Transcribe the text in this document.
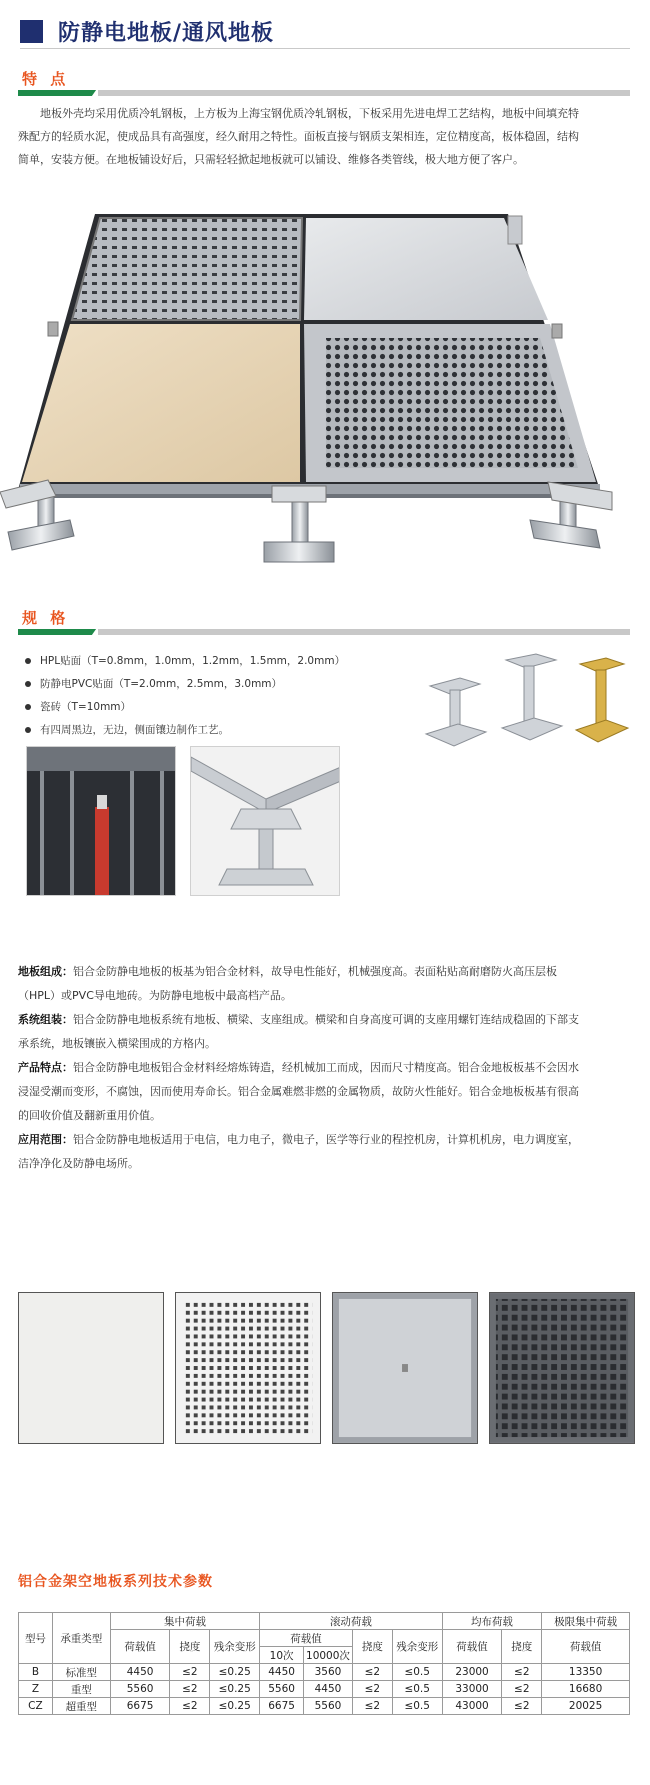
防静电地板/通风地板
特 点
地板外壳均采用优质冷轧钢板，上方板为上海宝钢优质冷轧钢板，下板采用先进电焊工艺结构，地板中间填充特

殊配方的轻质水泥，使成品具有高强度，经久耐用之特性。面板直接与钢质支架相连，定位精度高，板体稳固，结构
简单，安装方便。在地板铺设好后，只需轻轻掀起地板就可以铺设、维修各类管线，极大地方便了客户。
规 格
HPL贴面（T=0.8mm，1.0mm，1.2mm，1.5mm，2.0mm）
防静电PVC贴面（T=2.0mm，2.5mm，3.0mm）
瓷砖（T=10mm）
有四周黑边，无边，侧面镶边制作工艺。
地板组成：铝合金防静电地板的板基为铝合金材料，故导电性能好，机械强度高。表面粘贴高耐磨防火高压层板
（HPL）或PVC导电地砖。为防静电地板中最高档产品。
系统组装：铝合金防静电地板系统有地板、横梁、支座组成。横梁和自身高度可调的支座用螺钉连结成稳固的下部支
承系统，地板镶嵌入横梁围成的方格内。
产品特点：铝合金防静电地板铝合金材料经熔炼铸造，经机械加工而成，因而尺寸精度高。铝合金地板板基不会因水
浸湿受潮而变形，不腐蚀，因而使用寿命长。铝合金属难燃非燃的金属物质，故防火性能好。铝合金地板板基有很高
的回收价值及翻新重用价值。
应用范围：铝合金防静电地板适用于电信，电力电子，微电子，医学等行业的程控机房，计算机机房，电力调度室，
洁净净化及防静电场所。
铝合金架空地板系列技术参数
型号	承重类型	集中荷载			滚动荷载				均布荷载		极限集中荷载
		荷载值	挠度	残余变形	荷载值		挠度	残余变形	荷载值	挠度	荷载值
					10次	10000次					
B	标准型	4450	≤2	≤0.25	4450	3560	≤2	≤0.5	23000	≤2	13350
Z	重型	5560	≤2	≤0.25	5560	4450	≤2	≤0.5	33000	≤2	16680
CZ	超重型	6675	≤2	≤0.25	6675	5560	≤2	≤0.5	43000	≤2	20025
